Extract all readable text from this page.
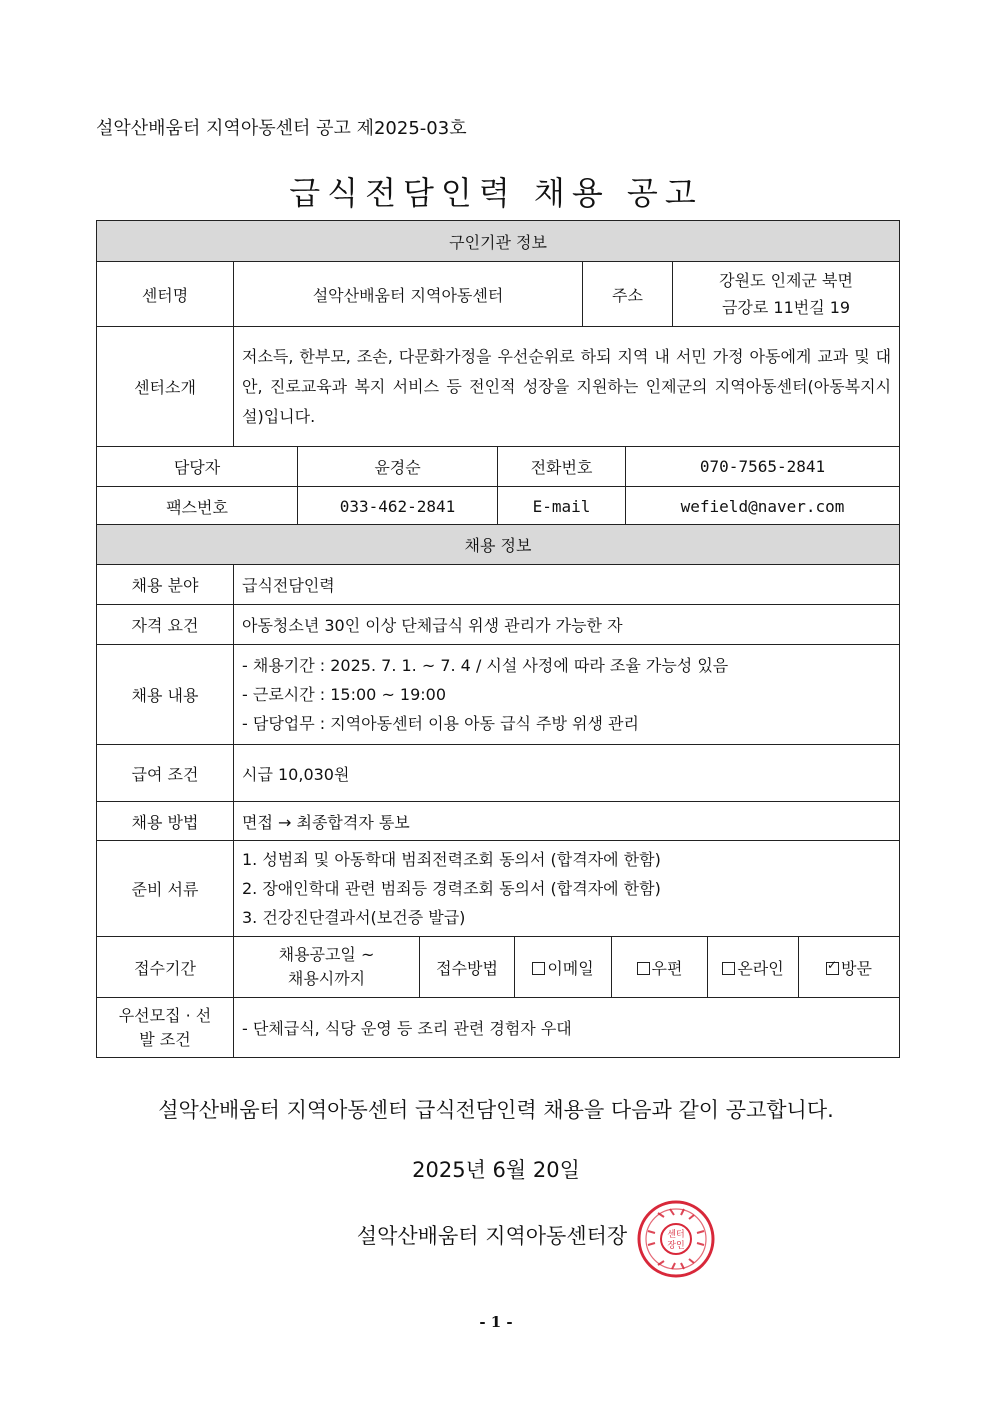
설악산배움터 지역아동센터 공고 제2025-03호
급식전담인력 채용 공고
구인기관 정보						
센터명	설악산배움터 지역아동센터			주소		강원도 인제군 북면
금강로 11번길 19

센터소개	저소득, 한부모, 조손, 다문화가정을 우선순위로 하되 지역 내 서민 가정 아동에게 교과 및 대안, 진로교육과 복지 서비스 등 전인적 성장을 지원하는 인제군의 지역아동센터(아동복지시설)입니다.					
담당자		윤경순	전화번호		070-7565-2841	
팩스번호		033-462-2841	E-mail		wefield@naver.com	
채용 정보						
채용 분야	급식전담인력					
자격 요건	아동청소년 30인 이상 단체급식 위생 관리가 가능한 자					
채용 내용	- 채용기간 : 2025. 7. 1. ~ 7. 4 / 시설 사정에 따라 조율 가능성 있음
- 근로시간 : 15:00 ~ 19:00
- 담당업무 : 지역아동센터 이용 아동 급식 주방 위생 관리					

급여 조건	시급 10,030원					
채용 방법	면접 → 최종합격자 통보					
준비 서류	1. 성범죄 및 아동학대 범죄전력조회 동의서 (합격자에 한함)
2. 장애인학대 관련 범죄등 경력조회 동의서 (합격자에 한함)
3. 건강진단결과서(보건증 발급)					

접수기간	채용공고일 ~
채용시까지	접수방법	이메일	우편	온라인	✓방문

우선모집 · 선
발 조건	- 단체급식, 식당 운영 등 조리 관련 경험자 우대					
설악산배움터 지역아동센터 급식전담인력 채용을 다음과 같이 공고합니다.
2025년 6월 20일
설악산배움터 지역아동센터장	센터
장인
- 1 -
